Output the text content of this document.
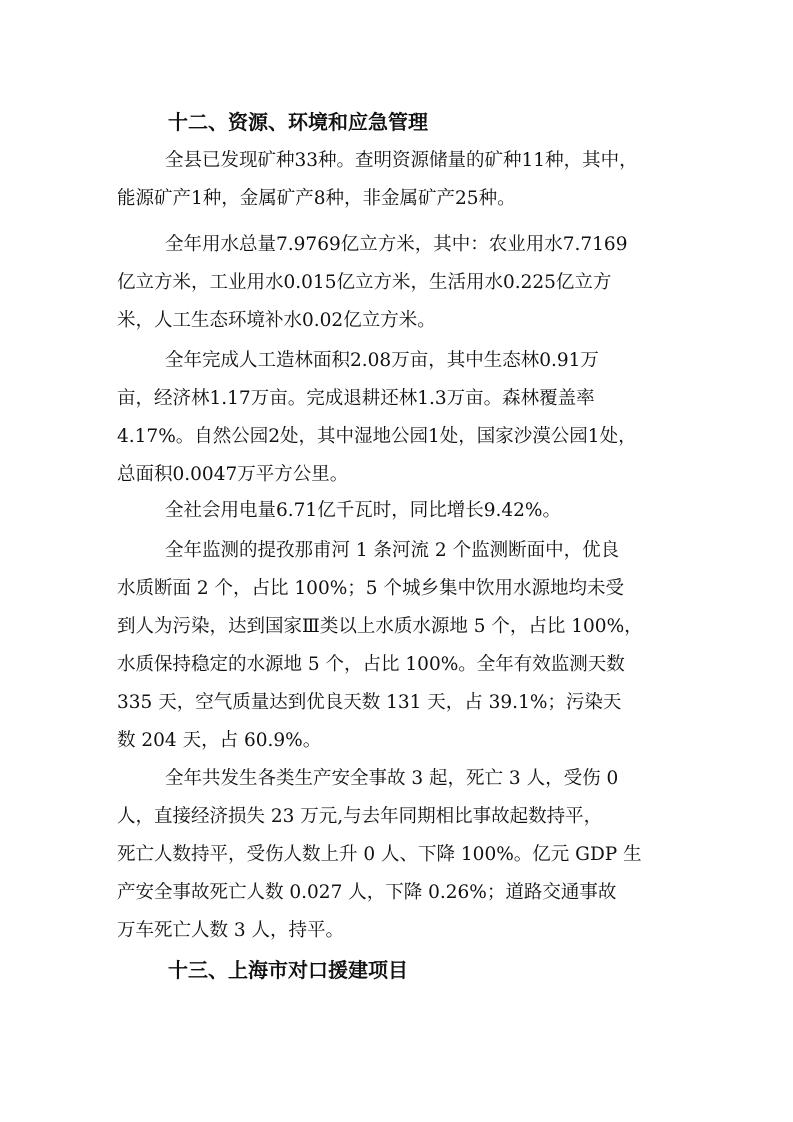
十二、资源、环境和应急管理
全县已发现矿种33种。查明资源储量的矿种11种，其中，
能源矿产1种，金属矿产8种，非金属矿产25种。
全年用水总量7.9769亿立方米，其中：农业用水7.7169
亿立方米，工业用水0.015亿立方米，生活用水0.225亿立方
米，人工生态环境补水0.02亿立方米。
全年完成人工造林面积2.08万亩，其中生态林0.91万
亩，经济林1.17万亩。完成退耕还林1.3万亩。森林覆盖率
4.17%。自然公园2处，其中湿地公园1处，国家沙漠公园1处，
总面积0.0047万平方公里。
全社会用电量6.71亿千瓦时，同比增长9.42%。
全年监测的提孜那甫河 1 条河流 2 个监测断面中，优良
水质断面 2 个，占比 100%；5 个城乡集中饮用水源地均未受
到人为污染，达到国家Ⅲ类以上水质水源地 5 个，占比 100%，
水质保持稳定的水源地 5 个，占比 100%。全年有效监测天数
335 天，空气质量达到优良天数 131 天，占 39.1%；污染天
数 204 天，占 60.9%。
全年共发生各类生产安全事故 3 起，死亡 3 人，受伤 0
人，直接经济损失 23 万元,与去年同期相比事故起数持平，
死亡人数持平，受伤人数上升 0 人、下降 100%。亿元 GDP 生
产安全事故死亡人数 0.027 人，下降 0.26%；道路交通事故
万车死亡人数 3 人，持平。
十三、上海市对口援建项目
